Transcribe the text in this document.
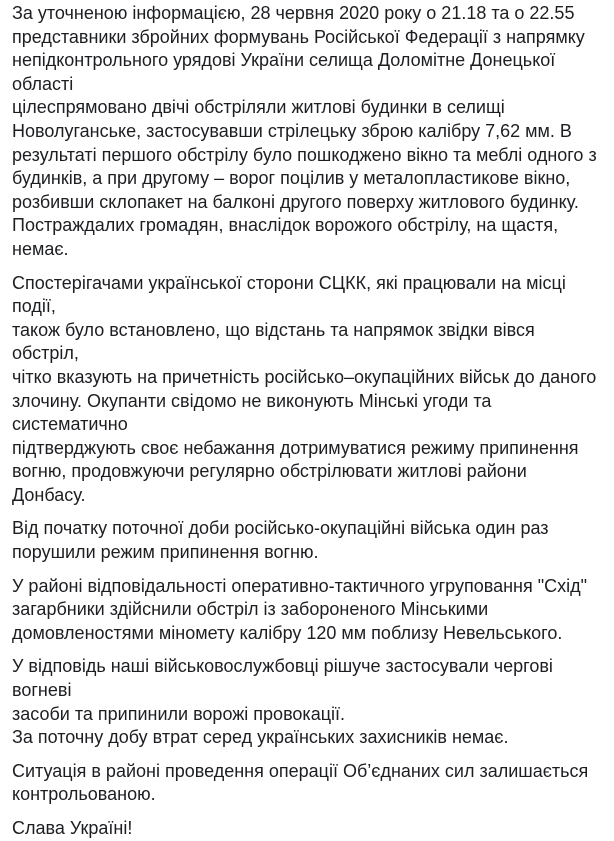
За уточненою інформацією, 28 червня 2020 року о 21.18 та о 22.55
представники збройних формувань Російської Федерації з напрямку
непідконтрольного урядові України селища Доломітне Донецької області
цілеспрямовано двічі обстріляли житлові будинки в селищі
Новолуганське, застосувавши стрілецьку зброю калібру 7,62 мм. В
результаті першого обстрілу було пошкоджено вікно та меблі одного з
будинків, а при другому – ворог поцілив у металопластикове вікно,
розбивши склопакет на балконі другого поверху житлового будинку.
Постраждалих громадян, внаслідок ворожого обстрілу, на щастя, немає.

Спостерігачами української сторони СЦКК, які працювали на місці події,
також було встановлено, що відстань та напрямок звідки вівся обстріл,
чітко вказують на причетність російсько–окупаційних військ до даного
злочину. Окупанти свідомо не виконують Мінські угоди та систематично
підтверджують своє небажання дотримуватися режиму припинення
вогню, продовжуючи регулярно обстрілювати житлові райони Донбасу.

Від початку поточної доби російсько-окупаційні війська один раз
порушили режим припинення вогню.

У районі відповідальності оперативно-тактичного угруповання "Схід"
загарбники здійснили обстріл із забороненого Мінськими
домовленостями міномету калібру 120 мм поблизу Невельського.

У відповідь наші військовослужбовці рішуче застосували чергові вогневі
засоби та припинили ворожі провокації.
За поточну добу втрат серед українських захисників немає.

Ситуація в районі проведення операції Об’єднаних сил залишається
контрольованою.

Слава Україні!
